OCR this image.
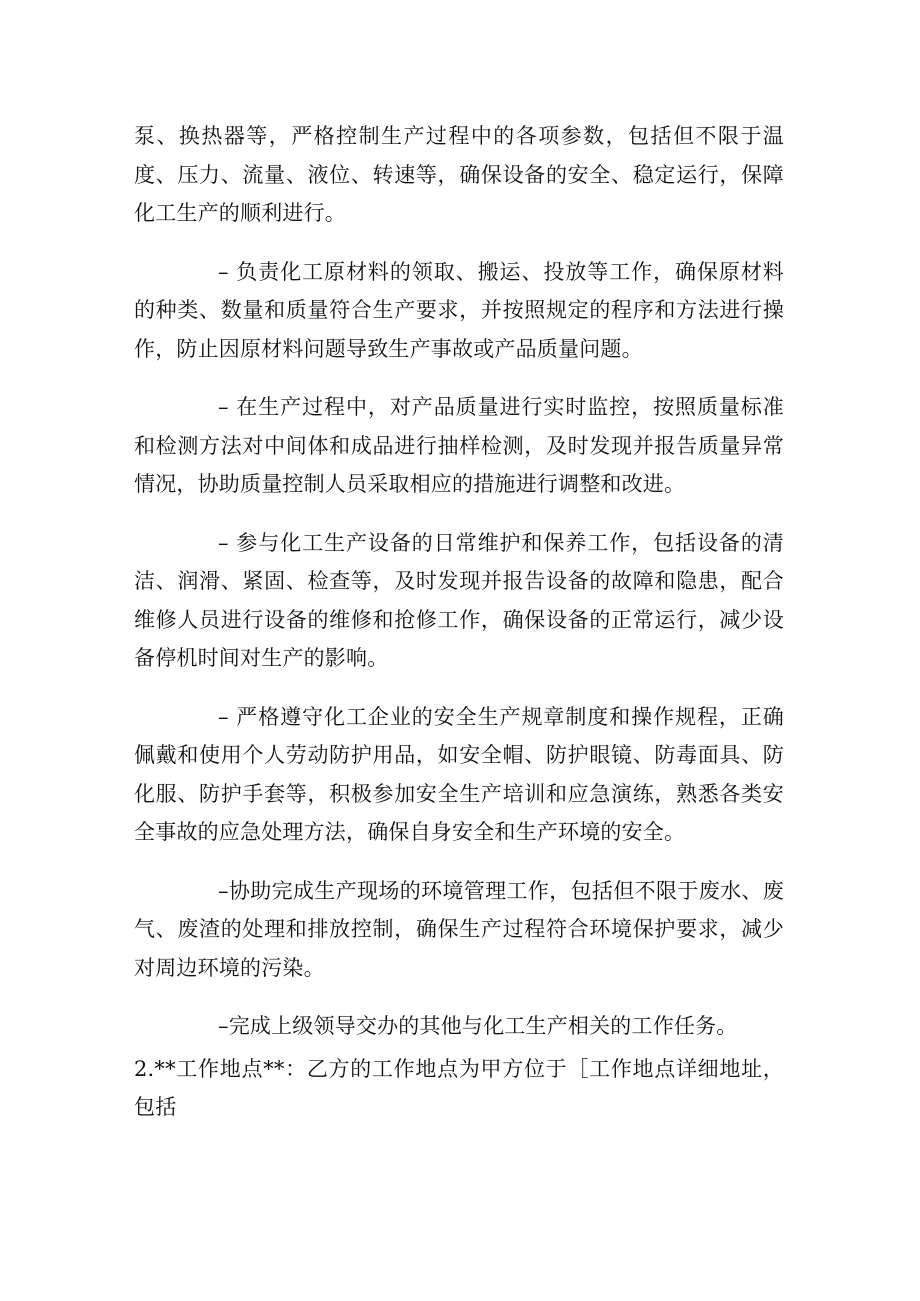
泵、换热器等，严格控制生产过程中的各项参数，包括但不限于温度、压力、流量、液位、转速等，确保设备的安全、稳定运行，保障化工生产的顺利进行。

– 负责化工原材料的领取、搬运、投放等工作，确保原材料的种类、数量和质量符合生产要求，并按照规定的程序和方法进行操作，防止因原材料问题导致生产事故或产品质量问题。

– 在生产过程中，对产品质量进行实时监控，按照质量标准和检测方法对中间体和成品进行抽样检测，及时发现并报告质量异常情况，协助质量控制人员采取相应的措施进行调整和改进。

– 参与化工生产设备的日常维护和保养工作，包括设备的清洁、润滑、紧固、检查等，及时发现并报告设备的故障和隐患，配合维修人员进行设备的维修和抢修工作，确保设备的正常运行，减少设备停机时间对生产的影响。

– 严格遵守化工企业的安全生产规章制度和操作规程，正确佩戴和使用个人劳动防护用品，如安全帽、防护眼镜、防毒面具、防化服、防护手套等，积极参加安全生产培训和应急演练，熟悉各类安全事故的应急处理方法，确保自身安全和生产环境的安全。

–协助完成生产现场的环境管理工作，包括但不限于废水、废气、废渣的处理和排放控制，确保生产过程符合环境保护要求，减少对周边环境的污染。

–完成上级领导交办的其他与化工生产相关的工作任务。

2.**工作地点**：乙方的工作地点为甲方位于［工作地点详细地址，包括
